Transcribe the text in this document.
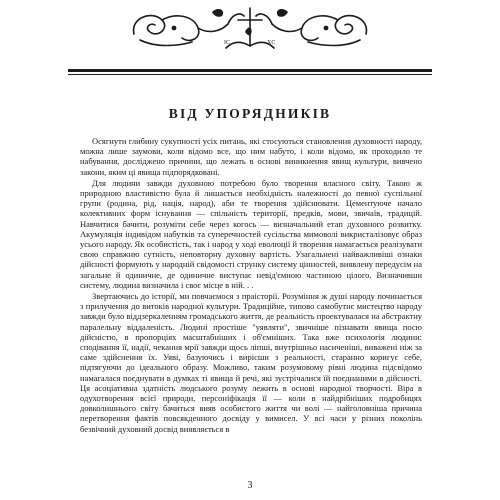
IC	XC
ВІД УПОРЯДНИКІВ

Осягнути глибину сукупності усіх питань, які стосуються становлення духовності народу, можна лише заумови, коли відомо все, що ним набуто, і коли відомо, як проходило те набування, досліджено причини, що лежать в основі виникнення явищ культури, вивчено закони, яким ці явища підпорядковані.

Для людини завжди духовною потребою було творення власного світу. Такою ж природною властивістю була й лишається необхідність належності до певної суспільної групи (родина, рід, нація, народ), аби те творення здійснювати. Цементуюче начало колективних форм існування — спільність території, предків, мови, звичаїв, традицій. Навчитися бачити, розуміти себе через когось — визначальний етап духовного розвитку. Акумуляція індивідом набутків та суперечностей сусільства мимоволі викристалізовує образ усього народу. Як особистість, так і народ у ході еволюції й творення намагається реалізувати свою справжню сутність, неповторну духовну вартість. Узагальнені найважливіші ознаки дійсності формують у народній свідомості струнку систему цінностей, виявлену передусім на загальне й одиничне, де одиничне виступає невід'ємною частиною цілого. Визначивши систему, людина визначила і своє місце в ній. . .

Звертаючись до історії, ми повчаємося з праісторії. Розуміння ж душі народу починається з прилучення до витоків народної культури. Традиційне, типово самобутнє мистецтво народу завжди було віддзеркаленням громадського життя, де реальність проектувалася на абстрактну паралельну віддаленість. Людині простіше "уявляти", звичніше пізнавати явища посю дійсністю, в пропорціях масштабніших і об'ємніших. Така вже психологія людини: сподівання її, надії, чекання мрії завжди щось ліпші, внутрішньо насиченіші, виважені ніж за саме здійснення їх. Уяві, базуючись і вирісши з реальності, старанно коригує себе, підтягуючи до ідеального образу. Можливо, таким розумовому рівні людина підсвідомо намагалася поєднувати в думках ті явища й речі, які зустрічалися їй поєднаними в дійсності. Ця асоціативна здатність людського розуму лежить в основі народної творчості. Віра в одухотворення всієї природи, персоніфікація її — коли в найдрібніших подробицях довколишнього світу бачиться вияв особистого життя чи волі — найголовніша причина перетворення фактів повсякденного досвіду у вимисел. У всі часи у різних поколінь безвічний духовний досвід виявляється в

3
